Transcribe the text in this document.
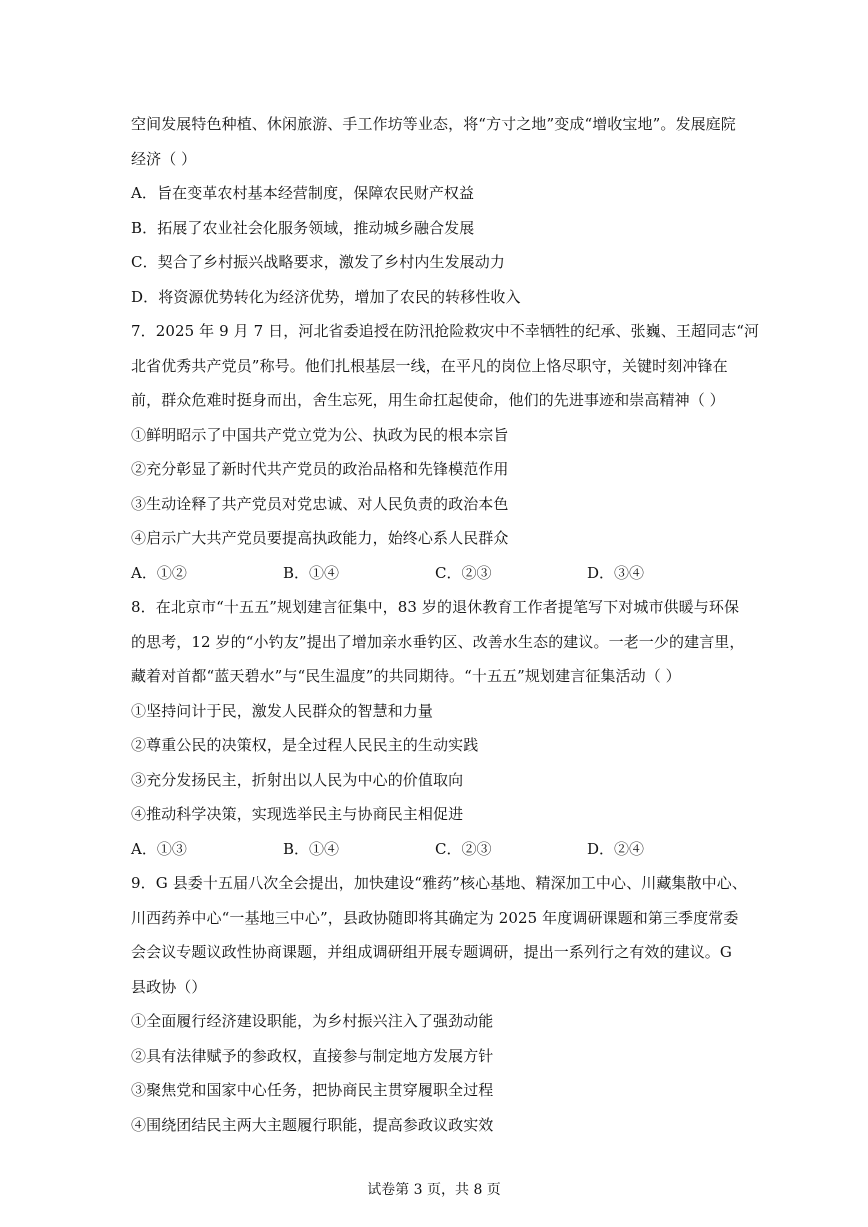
空间发展特色种植、休闲旅游、手工作坊等业态，将“方寸之地”变成“增收宝地”。发展庭院
经济（ ）
A．旨在变革农村基本经营制度，保障农民财产权益
B．拓展了农业社会化服务领域，推动城乡融合发展
C．契合了乡村振兴战略要求，激发了乡村内生发展动力
D．将资源优势转化为经济优势，增加了农民的转移性收入
7．2025 年 9 月 7 日，河北省委追授在防汛抢险救灾中不幸牺牲的纪承、张巍、王超同志“河
北省优秀共产党员”称号。他们扎根基层一线，在平凡的岗位上恪尽职守，关键时刻冲锋在
前，群众危难时挺身而出，舍生忘死，用生命扛起使命，他们的先进事迹和崇高精神（ ）
①鲜明昭示了中国共产党立党为公、执政为民的根本宗旨
②充分彰显了新时代共产党员的政治品格和先锋模范作用
③生动诠释了共产党员对党忠诚、对人民负责的政治本色
④启示广大共产党员要提高执政能力，始终心系人民群众
A．①②	B．①④	C．②③	D．③④
8．在北京市“十五五”规划建言征集中，83 岁的退休教育工作者提笔写下对城市供暖与环保
的思考，12 岁的“小钓友”提出了增加亲水垂钓区、改善水生态的建议。一老一少的建言里，
藏着对首都“蓝天碧水”与“民生温度”的共同期待。“十五五”规划建言征集活动（ ）
①坚持问计于民，激发人民群众的智慧和力量
②尊重公民的决策权，是全过程人民民主的生动实践
③充分发扬民主，折射出以人民为中心的价值取向
④推动科学决策，实现选举民主与协商民主相促进
A．①③	B．①④	C．②③	D．②④
9．G 县委十五届八次全会提出，加快建设“雅药”核心基地、精深加工中心、川藏集散中心、
川西药养中心“一基地三中心”，县政协随即将其确定为 2025 年度调研课题和第三季度常委
会会议专题议政性协商课题，并组成调研组开展专题调研，提出一系列行之有效的建议。G
县政协（）
①全面履行经济建设职能，为乡村振兴注入了强劲动能
②具有法律赋予的参政权，直接参与制定地方发展方针
③聚焦党和国家中心任务，把协商民主贯穿履职全过程
④围绕团结民主两大主题履行职能，提高参政议政实效
试卷第 3 页，共 8 页
